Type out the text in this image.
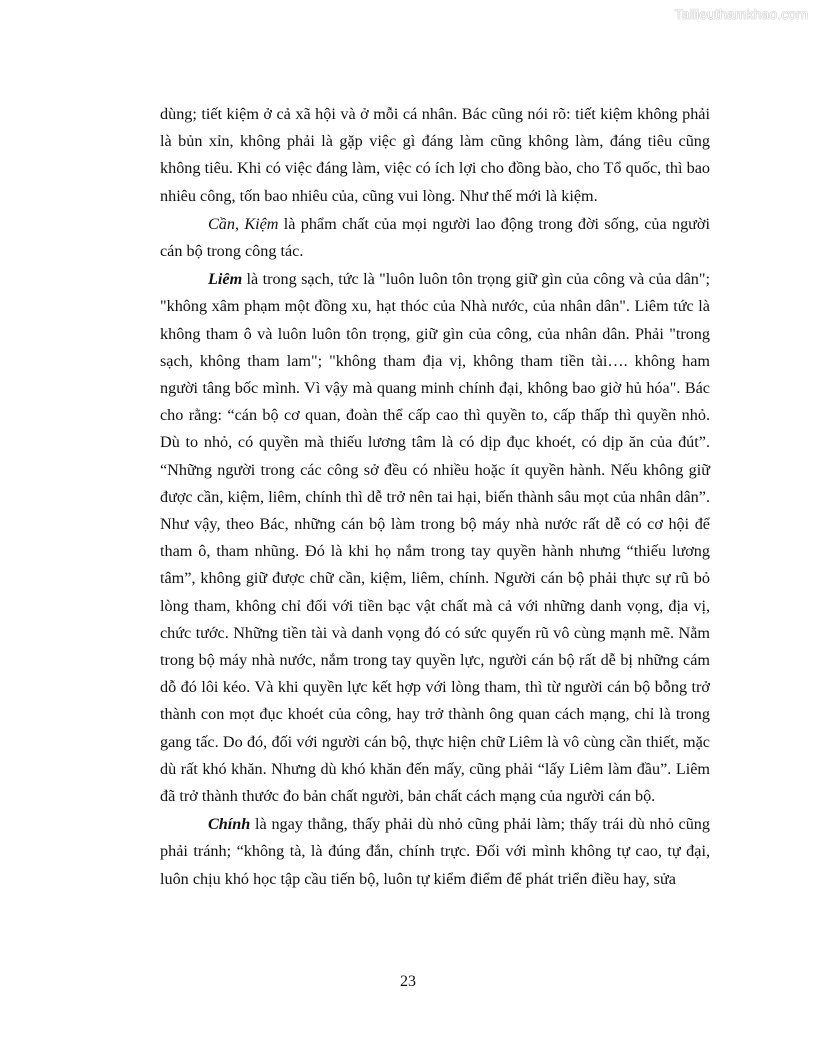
Tailieuthamkhao.com

dùng; tiết kiệm ở cả xã hội và ở mỗi cá nhân. Bác cũng nói rõ: tiết kiệm không phải là bủn xỉn, không phải là gặp việc gì đáng làm cũng không làm, đáng tiêu cũng không tiêu. Khi có việc đáng làm, việc có ích lợi cho đồng bào, cho Tổ quốc, thì bao nhiêu công, tốn bao nhiêu của, cũng vui lòng. Như thế mới là kiệm.

Cần, Kiệm là phẩm chất của mọi người lao động trong đời sống, của người cán bộ trong công tác.

Liêm là trong sạch, tức là "luôn luôn tôn trọng giữ gìn của công và của dân"; "không xâm phạm một đồng xu, hạt thóc của Nhà nước, của nhân dân". Liêm tức là không tham ô và luôn luôn tôn trọng, giữ gìn của công, của nhân dân. Phải "trong sạch, không tham lam"; "không tham địa vị, không tham tiền tài…. không ham người tâng bốc mình. Vì vậy mà quang minh chính đại, không bao giờ hủ hóa". Bác cho rằng: “cán bộ cơ quan, đoàn thể cấp cao thì quyền to, cấp thấp thì quyền nhỏ. Dù to nhỏ, có quyền mà thiếu lương tâm là có dịp đục khoét, có dịp ăn của đút”. “Những người trong các công sở đều có nhiều hoặc ít quyền hành. Nếu không giữ được cần, kiệm, liêm, chính thì dễ trở nên tai hại, biến thành sâu mọt của nhân dân”. Như vậy, theo Bác, những cán bộ làm trong bộ máy nhà nước rất dễ có cơ hội để tham ô, tham nhũng. Đó là khi họ nắm trong tay quyền hành nhưng “thiếu lương tâm”, không giữ được chữ cần, kiệm, liêm, chính. Người cán bộ phải thực sự rũ bỏ lòng tham, không chỉ đối với tiền bạc vật chất mà cả với những danh vọng, địa vị, chức tước. Những tiền tài và danh vọng đó có sức quyến rũ vô cùng mạnh mẽ. Nằm trong bộ máy nhà nước, nắm trong tay quyền lực, người cán bộ rất dễ bị những cám dỗ đó lôi kéo. Và khi quyền lực kết hợp với lòng tham, thì từ người cán bộ bỗng trở thành con mọt đục khoét của công, hay trở thành ông quan cách mạng, chỉ là trong gang tấc. Do đó, đối với người cán bộ, thực hiện chữ Liêm là vô cùng cần thiết, mặc dù rất khó khăn. Nhưng dù khó khăn đến mấy, cũng phải “lấy Liêm làm đầu”. Liêm đã trở thành thước đo bản chất người, bản chất cách mạng của người cán bộ.

Chính là ngay thẳng, thấy phải dù nhỏ cũng phải làm; thấy trái dù nhỏ cũng phải tránh; “không tà, là đúng đắn, chính trực. Đối với mình không tự cao, tự đại, luôn chịu khó học tập cầu tiến bộ, luôn tự kiểm điểm để phát triển điều hay, sửa

23
